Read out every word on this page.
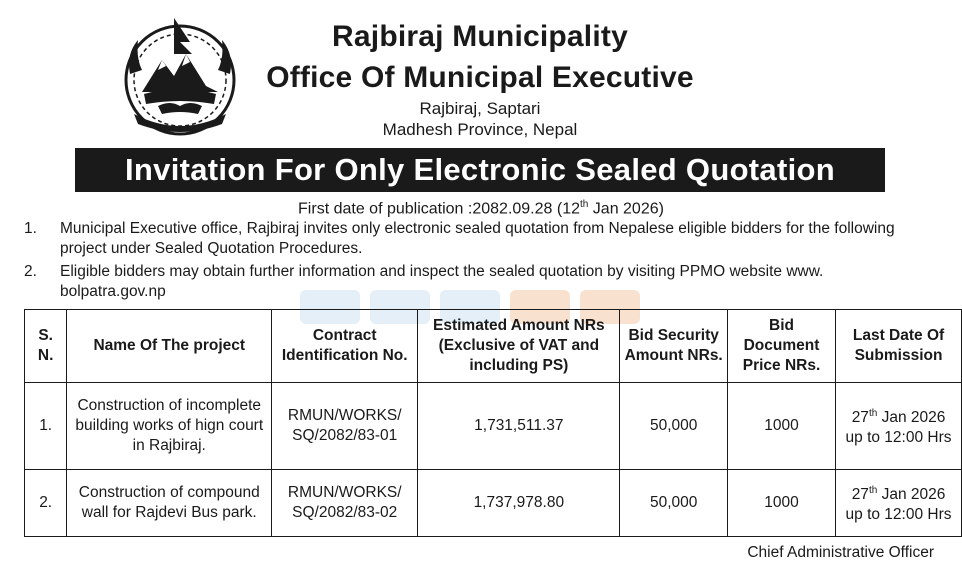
Rajbiraj Municipality
Office Of Municipal Executive
Rajbiraj, Saptari
Madhesh Province, Nepal
Invitation For Only Electronic Sealed Quotation
First date of publication :2082.09.28 (12th Jan 2026)
1. Municipal Executive office, Rajbiraj invites only electronic sealed quotation from Nepalese eligible bidders for the following project under Sealed Quotation Procedures.
2. Eligible bidders may obtain further information and inspect the sealed quotation by visiting PPMO website www. bolpatra.gov.np
S. N.	Name Of The project	Contract Identification No.	Estimated Amount NRs (Exclusive of VAT and including PS)	Bid Security Amount NRs.	Bid Document Price NRs.	Last Date Of Submission
1.	Construction of incomplete building works of hign court in Rajbiraj.	RMUN/WORKS/ SQ/2082/83-01	1,731,511.37	50,000	1000	27th Jan 2026
up to 12:00 Hrs
2.	Construction of compound wall for Rajdevi Bus park.	RMUN/WORKS/ SQ/2082/83-02	1,737,978.80	50,000	1000	27th Jan 2026
up to 12:00 Hrs
Chief Administrative Officer
